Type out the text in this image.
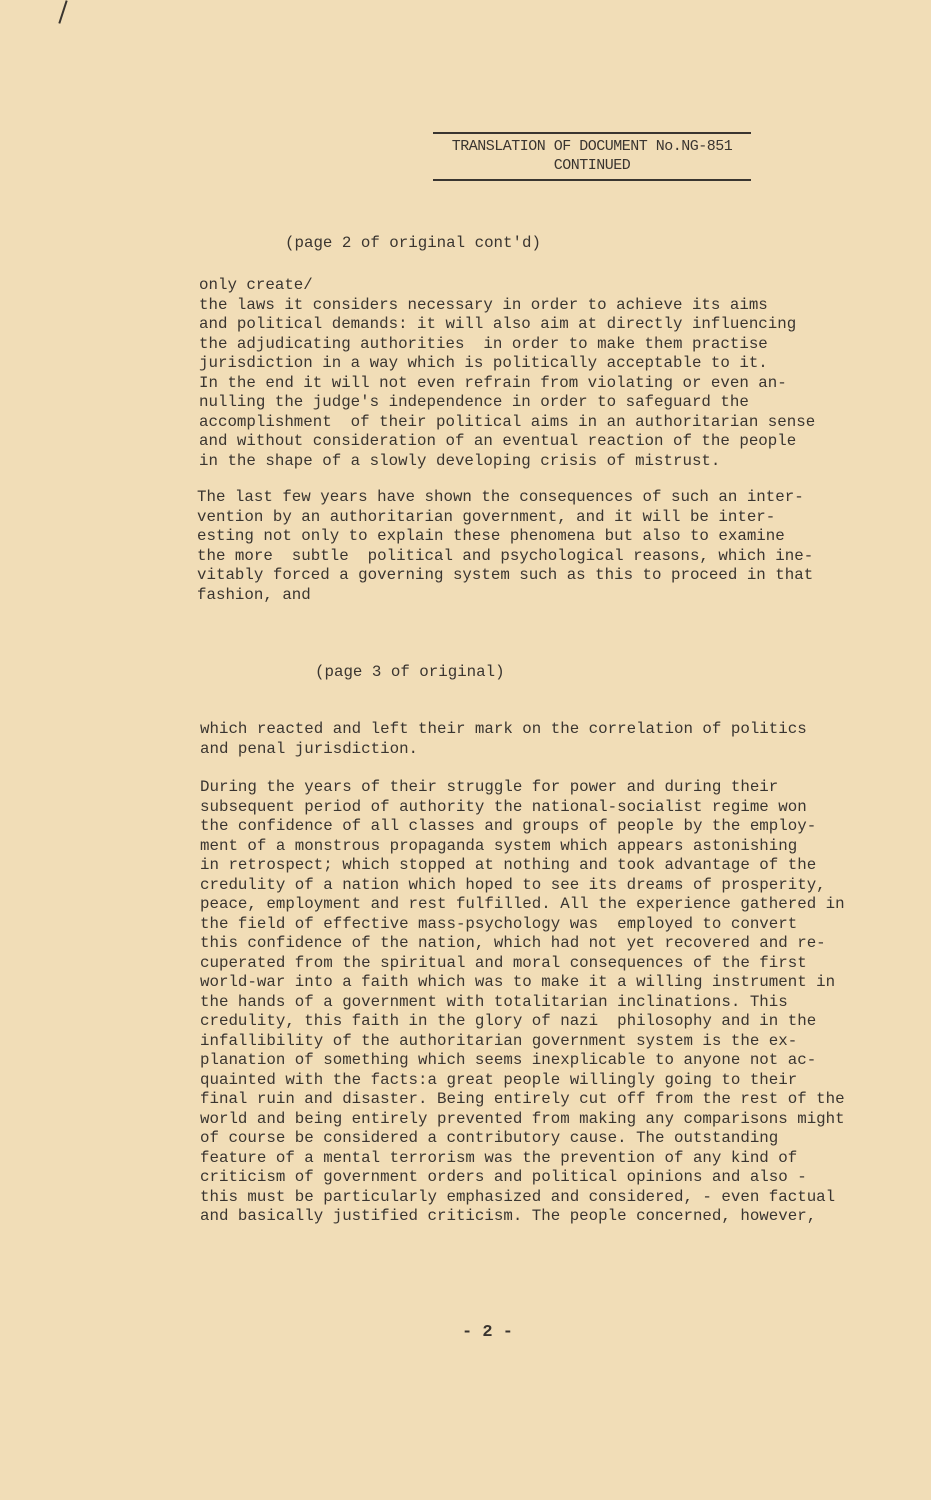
TRANSLATION OF DOCUMENT No.NG-851
CONTINUED
(page 2 of original cont'd)
only create/
the laws it considers necessary in order to achieve its aims
and political demands: it will also aim at directly influencing
the adjudicating authorities  in order to make them practise
jurisdiction in a way which is politically acceptable to it.
In the end it will not even refrain from violating or even an-
nulling the judge's independence in order to safeguard the
accomplishment  of their political aims in an authoritarian sense
and without consideration of an eventual reaction of the people
in the shape of a slowly developing crisis of mistrust.
The last few years have shown the consequences of such an inter-
vention by an authoritarian government, and it will be inter-
esting not only to explain these phenomena but also to examine
the more  subtle  political and psychological reasons, which ine-
vitably forced a governing system such as this to proceed in that
fashion, and
(page 3 of original)
which reacted and left their mark on the correlation of politics
and penal jurisdiction.
During the years of their struggle for power and during their
subsequent period of authority the national-socialist regime won
the confidence of all classes and groups of people by the employ-
ment of a monstrous propaganda system which appears astonishing
in retrospect; which stopped at nothing and took advantage of the
credulity of a nation which hoped to see its dreams of prosperity,
peace, employment and rest fulfilled. All the experience gathered in
the field of effective mass-psychology was  employed to convert
this confidence of the nation, which had not yet recovered and re-
cuperated from the spiritual and moral consequences of the first
world-war into a faith which was to make it a willing instrument in
the hands of a government with totalitarian inclinations. This
credulity, this faith in the glory of nazi  philosophy and in the
infallibility of the authoritarian government system is the ex-
planation of something which seems inexplicable to anyone not ac-
quainted with the facts:a great people willingly going to their
final ruin and disaster. Being entirely cut off from the rest of the
world and being entirely prevented from making any comparisons might
of course be considered a contributory cause. The outstanding
feature of a mental terrorism was the prevention of any kind of
criticism of government orders and political opinions and also -
this must be particularly emphasized and considered, - even factual
and basically justified criticism. The people concerned, however,
- 2 -
